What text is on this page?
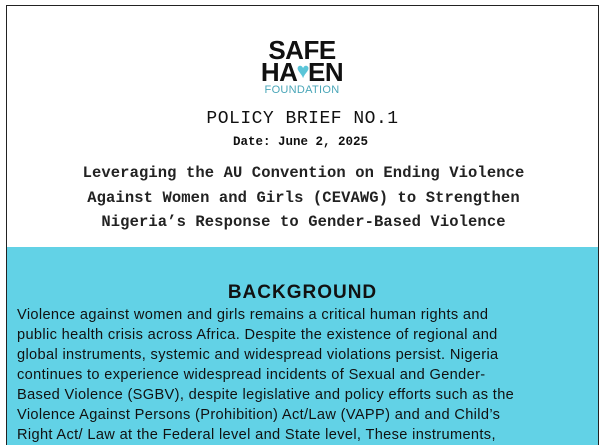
SAFE
HA♥EN
FOUNDATION
POLICY BRIEF NO.1
Date: June 2, 2025
Leveraging the AU Convention on Ending Violence
Against Women and Girls (CEVAWG) to Strengthen
Nigeria’s Response to Gender-Based Violence
BACKGROUND
Violence against women and girls remains a critical human rights and
public health crisis across Africa. Despite the existence of regional and
global instruments, systemic and widespread violations persist. Nigeria
continues to experience widespread incidents of Sexual and Gender-
Based Violence (SGBV), despite legislative and policy efforts such as the
Violence Against Persons (Prohibition) Act/Law (VAPP) and and Child’s
Right Act/ Law at the Federal level and State level, These instruments,
